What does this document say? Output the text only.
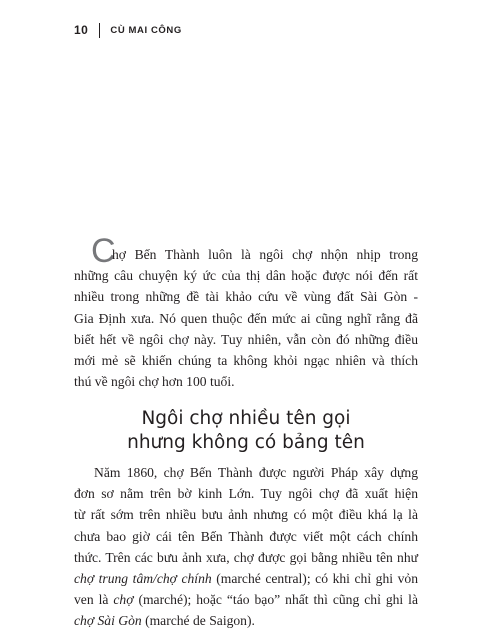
10 CÙ MAI CÔNG
C
hợ Bến Thành luôn là ngôi chợ nhộn nhịp trong
những câu chuyện ký ức của thị dân hoặc được nói đến rất
nhiều trong những đề tài khảo cứu về vùng đất Sài Gòn -
Gia Định xưa. Nó quen thuộc đến mức ai cũng nghĩ rằng đã
biết hết về ngôi chợ này. Tuy nhiên, vẫn còn đó những điều
mới mẻ sẽ khiến chúng ta không khỏi ngạc nhiên và thích
thú về ngôi chợ hơn 100 tuổi.
Ngôi chợ nhiều tên gọi
nhưng không có bảng tên
Năm 1860, chợ Bến Thành được người Pháp xây dựng
đơn sơ nằm trên bờ kinh Lớn. Tuy ngôi chợ đã xuất hiện
từ rất sớm trên nhiều bưu ảnh nhưng có một điều khá lạ là
chưa bao giờ cái tên Bến Thành được viết một cách chính
thức. Trên các bưu ảnh xưa, chợ được gọi bằng nhiều tên như
chợ trung tâm/chợ chính (marché central); có khi chỉ ghi vỏn
ven là chợ (marché); hoặc “táo bạo” nhất thì cũng chỉ ghi là
chợ Sài Gòn (marché de Saigon).
